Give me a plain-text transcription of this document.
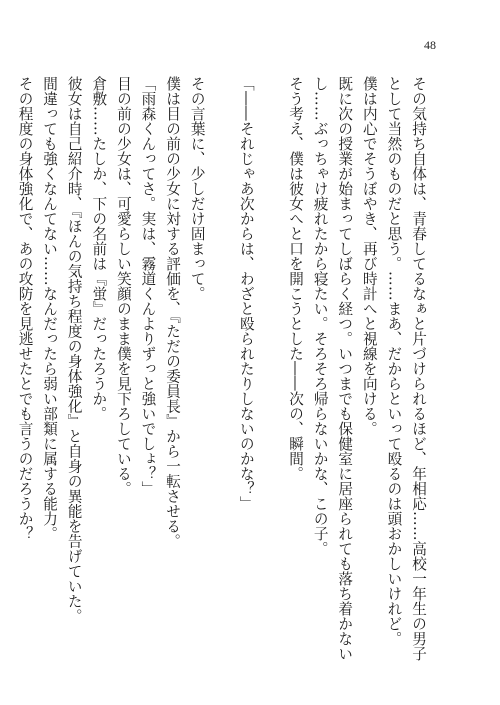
48
その気持ち自体は、青春してるなぁと片づけられるほど、年相応……高校一年生の男子
として当然のものだと思う。……まあ、だからといって殴るのは頭おかしいけれど。
僕は内心でそうぼやき、再び時計へと視線を向ける。
既に次の授業が始まってしばらく経つ。いつまでも保健室に居座られても落ち着かない
し……ぶっちゃけ疲れたから寝たい。そろそろ帰らないかな、この子。
そう考え、僕は彼女へと口を開こうとした――次の、瞬間。
「――それじゃあ次からは、わざと殴られたりしないのかな？」
その言葉に、少しだけ固まって。
僕は目の前の少女に対する評価を、『ただの委員長』から一転させる。
「雨森くんってさ。実は、霧道くんよりずっと強いでしょ？」
目の前の少女は、可愛らしい笑顔のまま僕を見下ろしている。
倉敷……たしか、下の名前は『蛍』だったろうか。
彼女は自己紹介時、『ほんの気持ち程度の身体強化』と自身の異能を告げていた。
間違っても強くなんてない……なんだったら弱い部類に属する能力。
その程度の身体強化で、あの攻防を見逃せたとでも言うのだろうか？
